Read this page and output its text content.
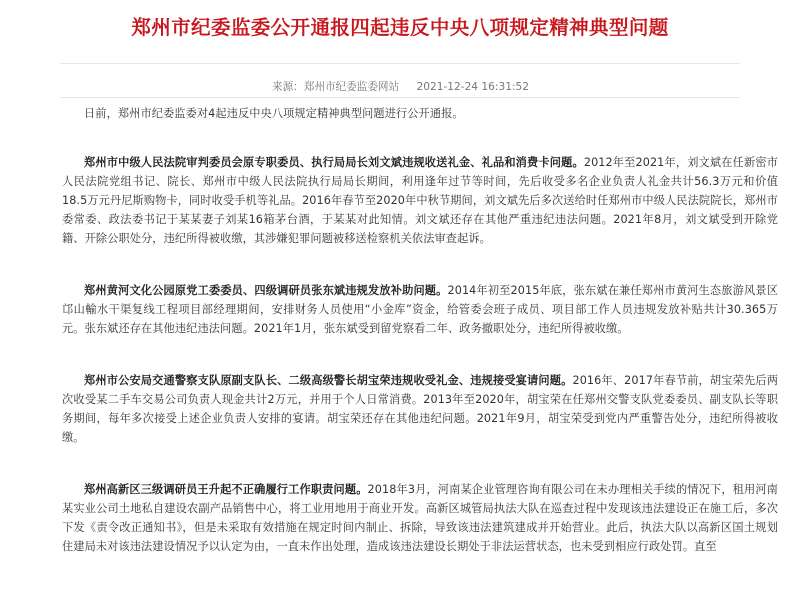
郑州市纪委监委公开通报四起违反中央八项规定精神典型问题
来源：郑州市纪委监委网站 2021-12-24 16:31:52

日前，郑州市纪委监委对4起违反中央八项规定精神典型问题进行公开通报。

郑州市中级人民法院审判委员会原专职委员、执行局局长刘文斌违规收送礼金、礼品和消费卡问题。2012年至2021年，刘文斌在任新密市人民法院党组书记、院长、郑州市中级人民法院执行局局长期间，利用逢年过节等时间，先后收受多名企业负责人礼金共计56.3万元和价值18.5万元丹尼斯购物卡，同时收受手机等礼品。2016年春节至2020年中秋节期间，刘文斌先后多次送给时任郑州市中级人民法院院长，郑州市委常委、政法委书记于某某妻子刘某16箱茅台酒，于某某对此知情。刘文斌还存在其他严重违纪违法问题。2021年8月，刘文斌受到开除党籍、开除公职处分，违纪所得被收缴，其涉嫌犯罪问题被移送检察机关依法审查起诉。

郑州黄河文化公园原党工委委员、四级调研员张东斌违规发放补助问题。2014年初至2015年底，张东斌在兼任郑州市黄河生态旅游风景区邙山輸水干渠复线工程项目部经理期间，安排财务人员使用“小金库”资金，给管委会班子成员、项目部工作人员违规发放补贴共计30.365万元。张东斌还存在其他违纪违法问题。2021年1月，张东斌受到留党察看二年、政务撤职处分，违纪所得被收缴。

郑州市公安局交通警察支队原副支队长、二级高级警长胡宝荣违规收受礼金、违规接受宴请问题。2016年、2017年春节前，胡宝荣先后两次收受某二手车交易公司负责人现金共计2万元，并用于个人日常消费。2013年至2020年，胡宝荣在任郑州交警支队党委委员、副支队长等职务期间，每年多次接受上述企业负责人安排的宴请。胡宝荣还存在其他违纪问题。2021年9月，胡宝荣受到党内严重警告处分，违纪所得被收缴。

郑州高新区三级调研员王升起不正确履行工作职责问题。2018年3月，河南某企业管理咨询有限公司在未办理相关手续的情况下，租用河南某实业公司土地私自建设农副产品销售中心，将工业用地用于商业开发。高新区城管局执法大队在巡查过程中发现该违法建设正在施工后，多次下发《责令改正通知书》，但是未采取有效措施在规定时间内制止、拆除，导致该违法建筑建成并开始营业。此后，执法大队以高新区国土规划住建局未对该违法建设情况予以认定为由，一直未作出处理，造成该违法建设长期处于非法运营状态，也未受到相应行政处罚。直至
